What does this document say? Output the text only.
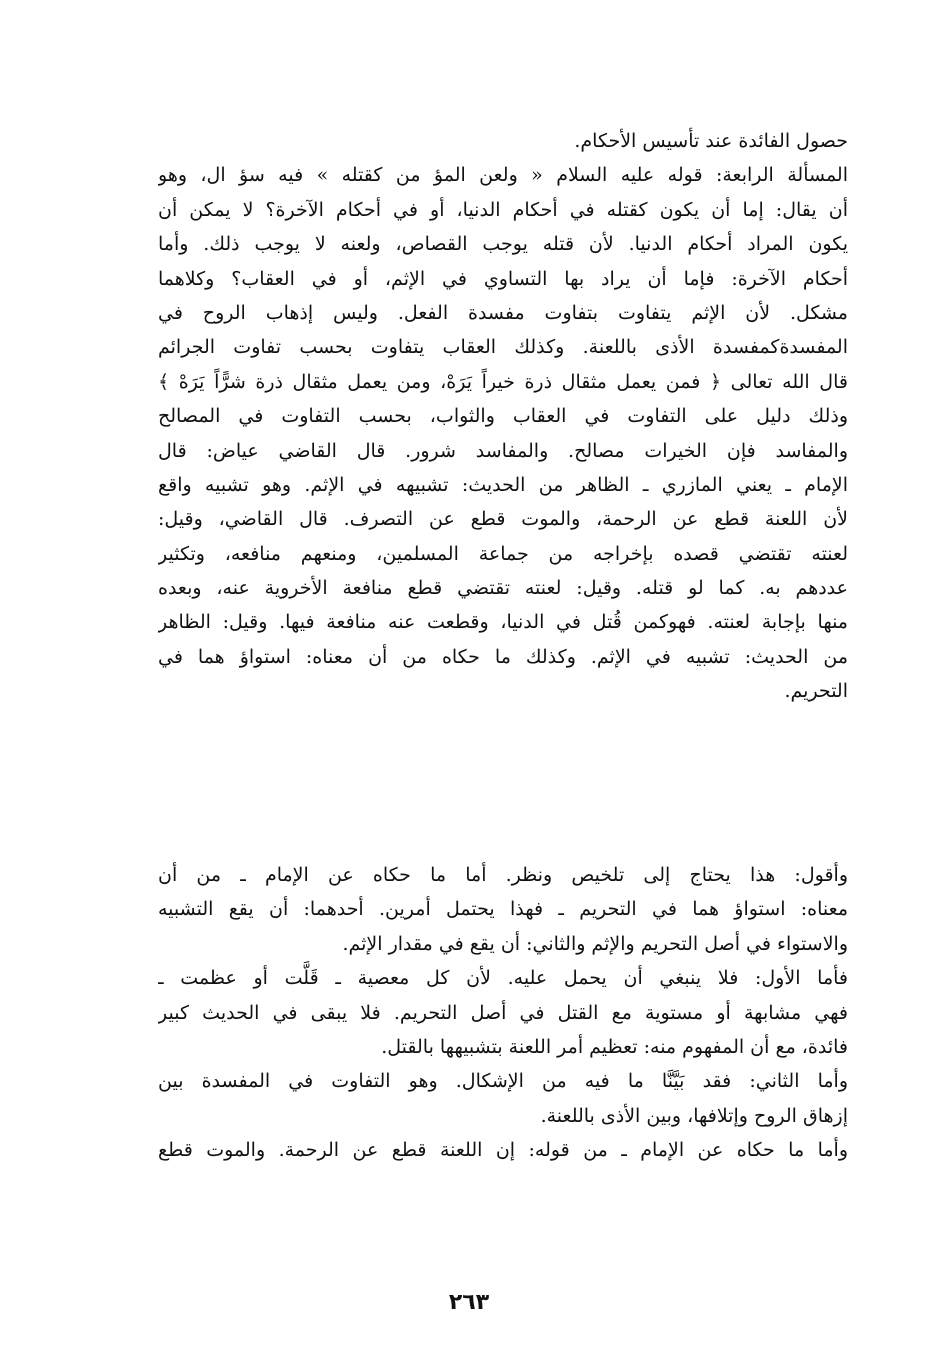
حصول الفائدة عند تأسيس الأحكام.
المسألة الرابعة: قوله عليه السلام « ولعن المؤ من كقتله » فيه سؤ ال، وهو
أن يقال: إما أن يكون كقتله في أحكام الدنيا، أو في أحكام الآخرة؟ لا يمكن أن
يكون المراد أحكام الدنيا. لأن قتله يوجب القصاص، ولعنه لا يوجب ذلك. وأما
أحكام الآخرة: فإما أن يراد بها التساوي في الإثم، أو في العقاب؟ وكلاهما
مشكل. لأن الإثم يتفاوت بتفاوت مفسدة الفعل. وليس إذهاب الروح في
المفسدةكمفسدة الأذى باللعنة. وكذلك العقاب يتفاوت بحسب تفاوت الجرائم
قال الله تعالى ﴿ فمن يعمل مثقال ذرة خيراً يَرَهْ، ومن يعمل مثقال ذرة شرًّاً يَرَهْ ﴾
وذلك دليل على التفاوت في العقاب والثواب، بحسب التفاوت في المصالح
والمفاسد فإن الخيرات مصالح. والمفاسد شرور. قال القاضي عياض: قال
الإمام ـ يعني المازري ـ الظاهر من الحديث: تشبيهه في الإثم. وهو تشبيه واقع
لأن اللعنة قطع عن الرحمة، والموت قطع عن التصرف. قال القاضي، وقيل:
لعنته تقتضي قصده بإخراجه من جماعة المسلمين، ومنعهم منافعه، وتكثير
عددهم به. كما لو قتله. وقيل: لعنته تقتضي قطع منافعة الأخروية عنه، وبعده
منها بإجابة لعنته. فهوكمن قُتل في الدنيا، وقطعت عنه منافعة فيها. وقيل: الظاهر
من الحديث: تشبيه في الإثم. وكذلك ما حكاه من أن معناه: استواؤ هما في
التحريم.
وأقول: هذا يحتاج إلى تلخيص ونظر. أما ما حكاه عن الإمام ـ من أن
معناه: استواؤ هما في التحريم ـ فهذا يحتمل أمرين. أحدهما: أن يقع التشبيه
والاستواء في أصل التحريم والإثم والثاني: أن يقع في مقدار الإثم.
فأما الأول: فلا ينبغي أن يحمل عليه. لأن كل معصية ـ قَلَّت أو عظمت ـ
فهي مشابهة أو مستوية مع القتل في أصل التحريم. فلا يبقى في الحديث كبير
فائدة، مع أن المفهوم منه: تعظيم أمر اللعنة بتشبيهها بالقتل.
وأما الثاني: فقد بَيَّنَّا ما فيه من الإشكال. وهو التفاوت في المفسدة بين
إزهاق الروح وإتلافها، وبين الأذى باللعنة.
وأما ما حكاه عن الإمام ـ من قوله: إن اللعنة قطع عن الرحمة. والموت قطع
٢٦٣
